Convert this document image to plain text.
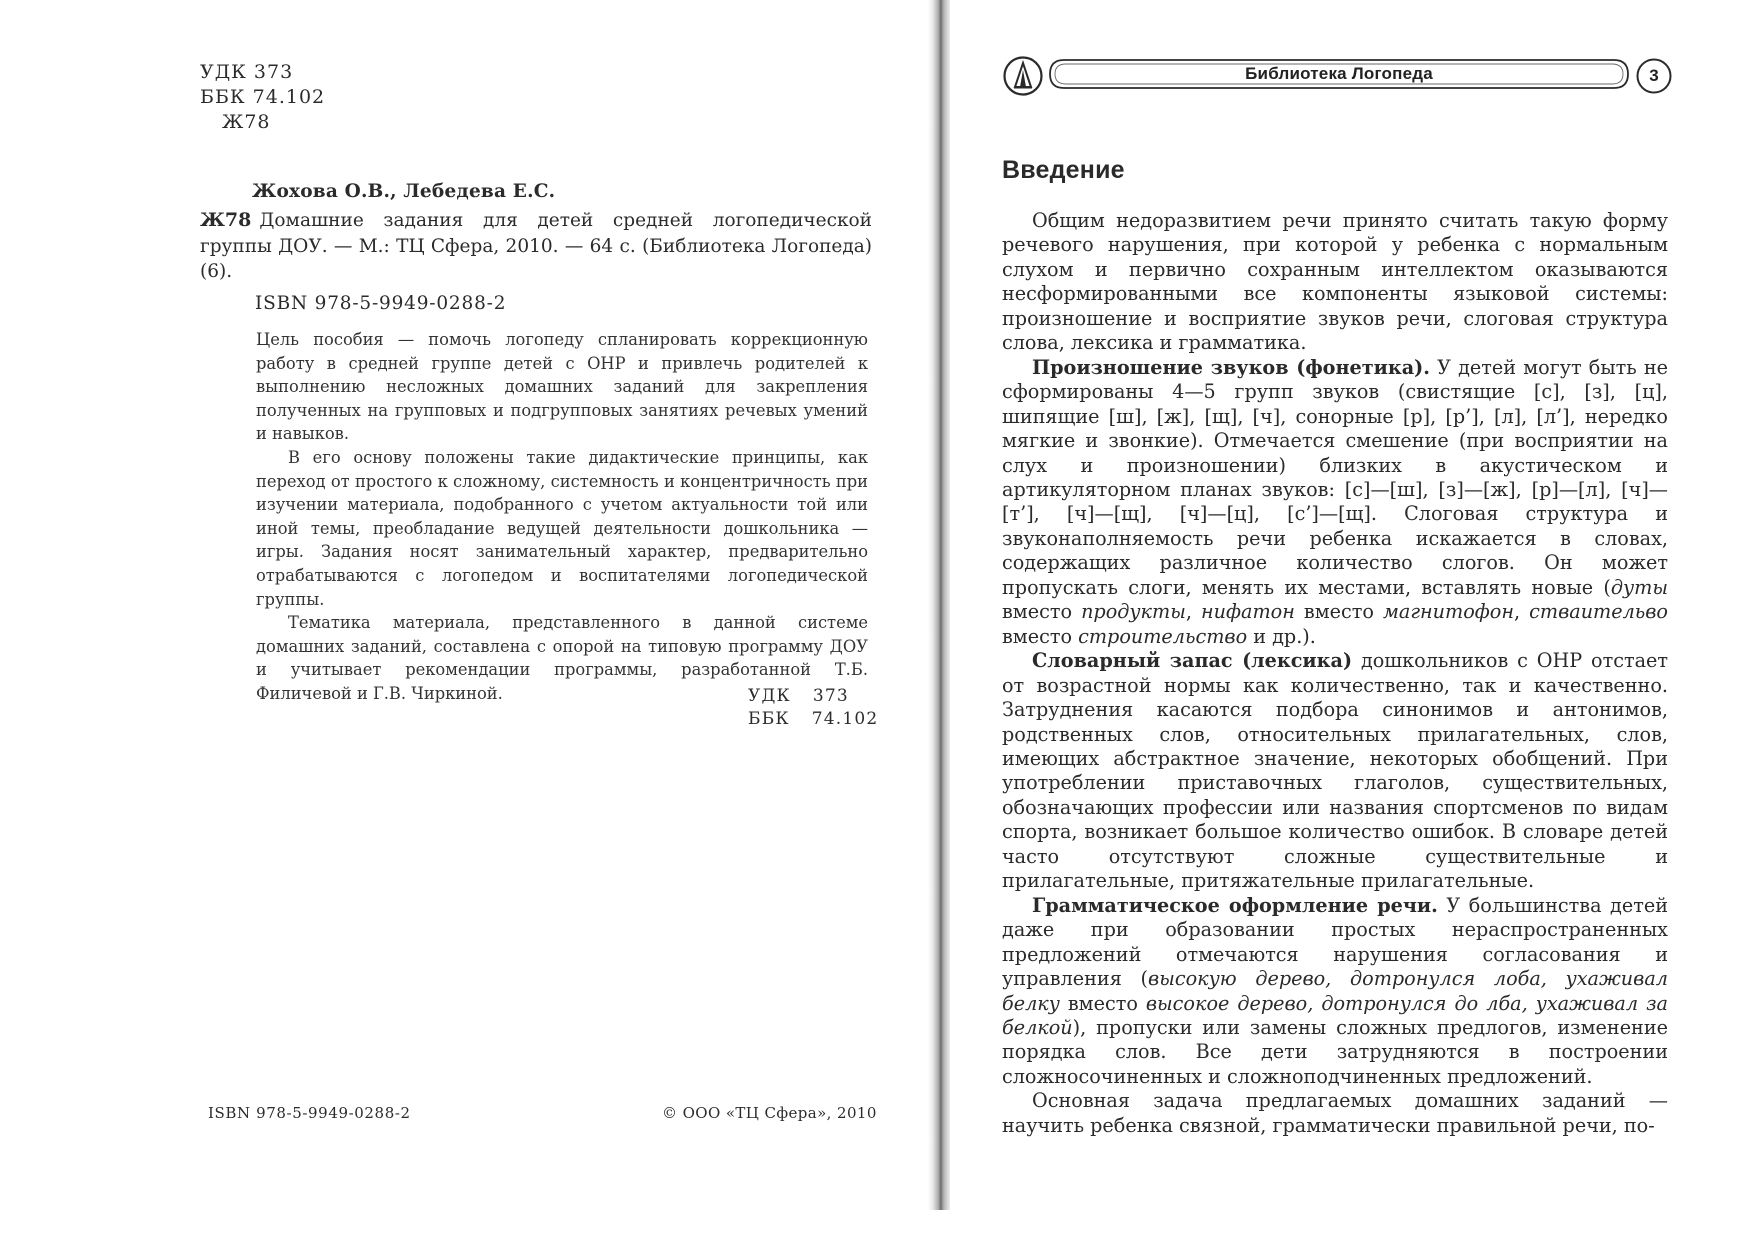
УДК 373
ББК 74.102
Ж78
Жохова О.В., Лебедева Е.С.

Ж78 Домашние задания для детей средней логопедической группы ДОУ. — М.: ТЦ Сфера, 2010. — 64 с. (Библиотека Логопеда) (6).

ISBN 978-5-9949-0288-2

Цель пособия — помочь логопеду спланировать коррекционную работу в средней группе детей с ОНР и привлечь родителей к выполнению несложных домашних заданий для закрепления полученных на групповых и подгрупповых занятиях речевых умений и навыков.

В его основу положены такие дидактические принципы, как переход от простого к сложному, системность и концентричность при изучении материала, подобранного с учетом актуальности той или иной темы, преобладание ведущей деятельности дошкольника — игры. Задания носят занимательный характер, предварительно отрабатываются с логопедом и воспитателями логопедической группы.

Тематика материала, представленного в данной системе домашних заданий, составлена с опорой на типовую программу ДОУ и учитывает рекомендации программы, разработанной Т.Б. Филичевой и Г.В. Чиркиной.	УДК 373
ББК 74.102
ISBN 978-5-9949-0288-2	© ООО «ТЦ Сфера», 2010
Библиотека Логопеда	3
Введение

Общим недоразвитием речи принято считать такую форму речевого нарушения, при которой у ребенка с нормальным слухом и первично сохранным интеллектом оказываются несформированными все компоненты языковой системы: произношение и восприятие звуков речи, слоговая структура слова, лексика и грамматика.

Произношение звуков (фонетика). У детей могут быть не сформированы 4—5 групп звуков (свистящие [с], [з], [ц], шипящие [ш], [ж], [щ], [ч], сонорные [р], [р’], [л], [л’], нередко мягкие и звонкие). Отмечается смешение (при восприятии на слух и произношении) близких в акустическом и артикуляторном планах звуков: [с]—[ш], [з]—[ж], [р]—[л], [ч]—[т’], [ч]—[щ], [ч]—[ц], [с’]—[щ]. Слоговая структура и звуконаполняемость речи ребенка искажается в словах, содержащих различное количество слогов. Он может пропускать слоги, менять их местами, вставлять новые (дуты вместо продукты, нифатон вместо магнитофон, стваительво вместо строительство и др.).

Словарный запас (лексика) дошкольников с ОНР отстает от возрастной нормы как количественно, так и качественно. Затруднения касаются подбора синонимов и антонимов, родственных слов, относительных прилагательных, слов, имеющих абстрактное значение, некоторых обобщений. При употреблении приставочных глаголов, существительных, обозначающих профессии или названия спортсменов по видам спорта, возникает большое количество ошибок. В словаре детей часто отсутствуют сложные существительные и прилагательные, притяжательные прилагательные.

Грамматическое оформление речи. У большинства детей даже при образовании простых нераспространенных предложений отмечаются нарушения согласования и управления (высокую дерево, дотронулся лоба, ухаживал белку вместо высокое дерево, дотронулся до лба, ухаживал за белкой), пропуски или замены сложных предлогов, изменение порядка слов. Все дети затрудняются в построении сложносочиненных и сложноподчиненных предложений.

Основная задача предлагаемых домашних заданий — научить ребенка связной, грамматически правильной речи, по-
